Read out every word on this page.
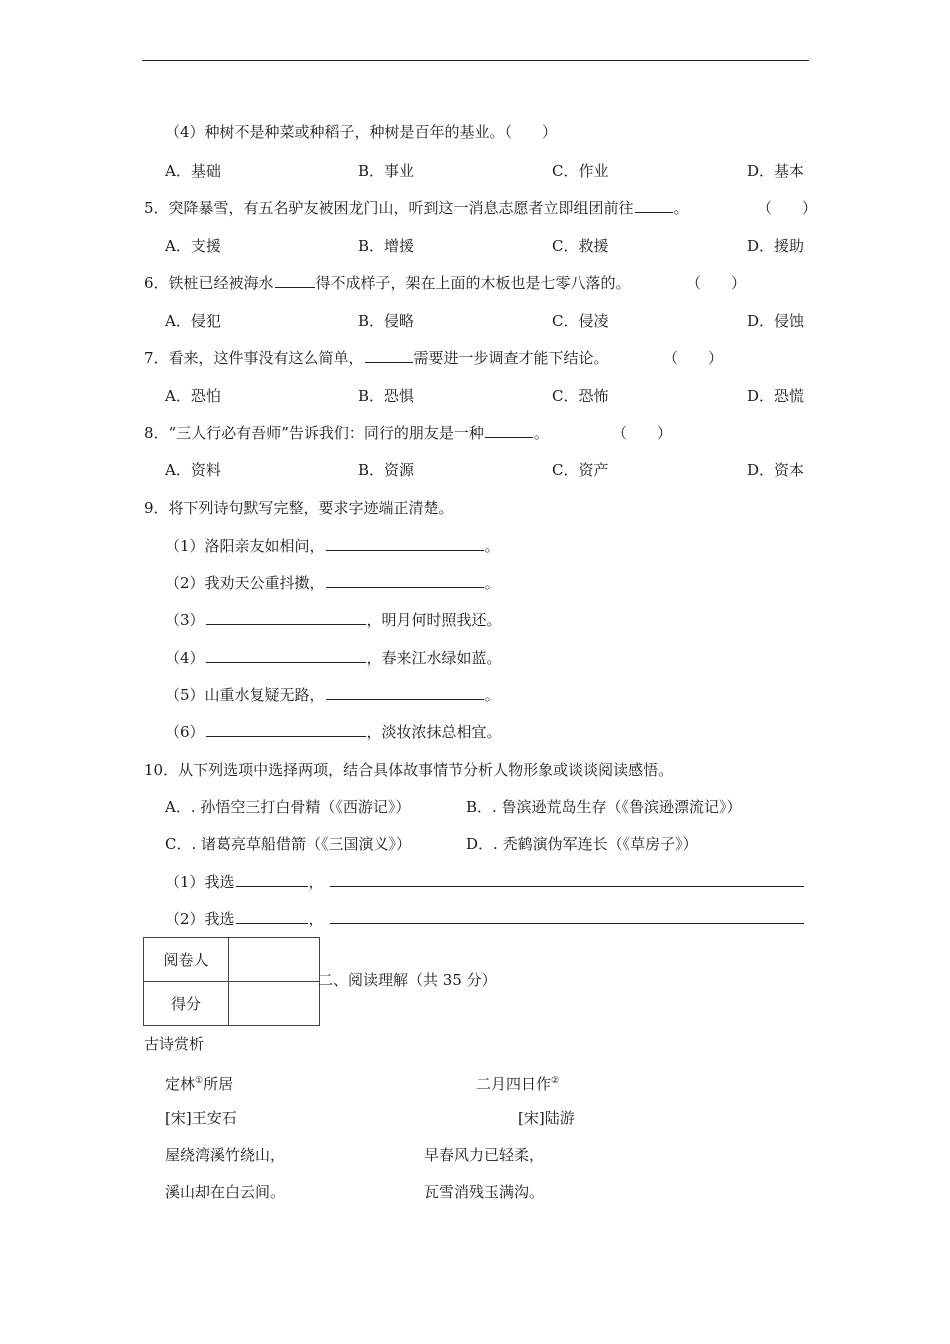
（4）种树不是种菜或种稻子，种树是百年的基业。（　　）
A．基础	B．事业	C．作业	D．基本
5．突降暴雪，有五名驴友被困龙门山，听到这一消息志愿者立即组团前往	。	（　　）
A．支援	B．增援	C．救援	D．援助
6．铁桩已经被海水	得不成样子，架在上面的木板也是七零八落的。	（　　）
A．侵犯	B．侵略	C．侵凌	D．侵蚀
7．看来，这件事没有这么简单，	需要进一步调查才能下结论。	（　　）
A．恐怕	B．恐惧	C．恐怖	D．恐慌
8．“三人行必有吾师”告诉我们：同行的朋友是一种	。	（　　）
A．资料	B．资源	C．资产	D．资本
9．将下列诗句默写完整，要求字迹端正清楚。
（1）洛阳亲友如相问，	。
（2）我劝天公重抖擞，	。
（3）	，明月何时照我还。
（4）	，春来江水绿如蓝。
（5）山重水复疑无路，	。
（6）	，淡妆浓抹总相宜。
10．从下列选项中选择两项，结合具体故事情节分析人物形象或谈谈阅读感悟。
A．. 孙悟空三打白骨精（《西游记》）	B．. 鲁滨逊荒岛生存（《鲁滨逊漂流记》）
C．. 诸葛亮草船借箭（《三国演义》）	D．. 秃鹤演伪军连长（《草房子》）
（1）我选	，
（2）我选	，
阅卷人	
得分	
二、阅读理解（共 35 分）
古诗赏析
定林①所居	二月四日作②
[宋]王安石	[宋]陆游
屋绕湾溪竹绕山，	早春风力已轻柔，
溪山却在白云间。	瓦雪消残玉满沟。
